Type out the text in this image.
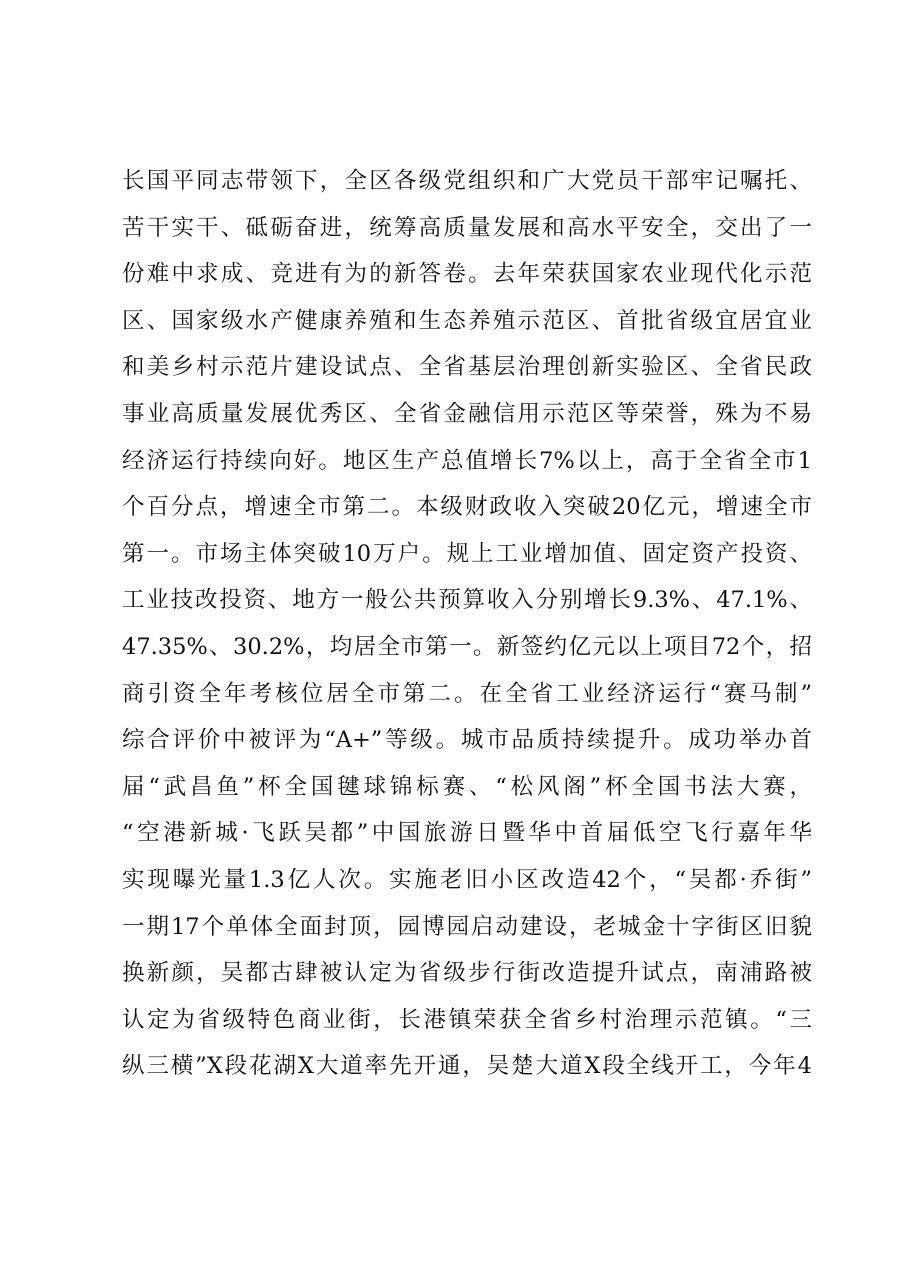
长国平同志带领下，全区各级党组织和广大党员干部牢记嘱托、
苦干实干、砥砺奋进，统筹高质量发展和高水平安全，交出了一
份难中求成、竞进有为的新答卷。去年荣获国家农业现代化示范
区、国家级水产健康养殖和生态养殖示范区、首批省级宜居宜业
和美乡村示范片建设试点、全省基层治理创新实验区、全省民政
事业高质量发展优秀区、全省金融信用示范区等荣誉，殊为不易
经济运行持续向好。地区生产总值增长7%以上，高于全省全市1
个百分点，增速全市第二。本级财政收入突破20亿元，增速全市
第一。市场主体突破10万户。规上工业增加值、固定资产投资、
工业技改投资、地方一般公共预算收入分别增长9.3%、47.1%、
47.35%、30.2%，均居全市第一。新签约亿元以上项目72个，招
商引资全年考核位居全市第二。在全省工业经济运行“赛马制”
综合评价中被评为“A+”等级。城市品质持续提升。成功举办首
届“武昌鱼”杯全国毽球锦标赛、“松风阁”杯全国书法大赛，
“空港新城·飞跃吴都”中国旅游日暨华中首届低空飞行嘉年华
实现曝光量1.3亿人次。实施老旧小区改造42个，“吴都·乔街”
一期17个单体全面封顶，园博园启动建设，老城金十字街区旧貌
换新颜，吴都古肆被认定为省级步行街改造提升试点，南浦路被
认定为省级特色商业街，长港镇荣获全省乡村治理示范镇。“三
纵三横”X段花湖X大道率先开通，吴楚大道X段全线开工，今年4
